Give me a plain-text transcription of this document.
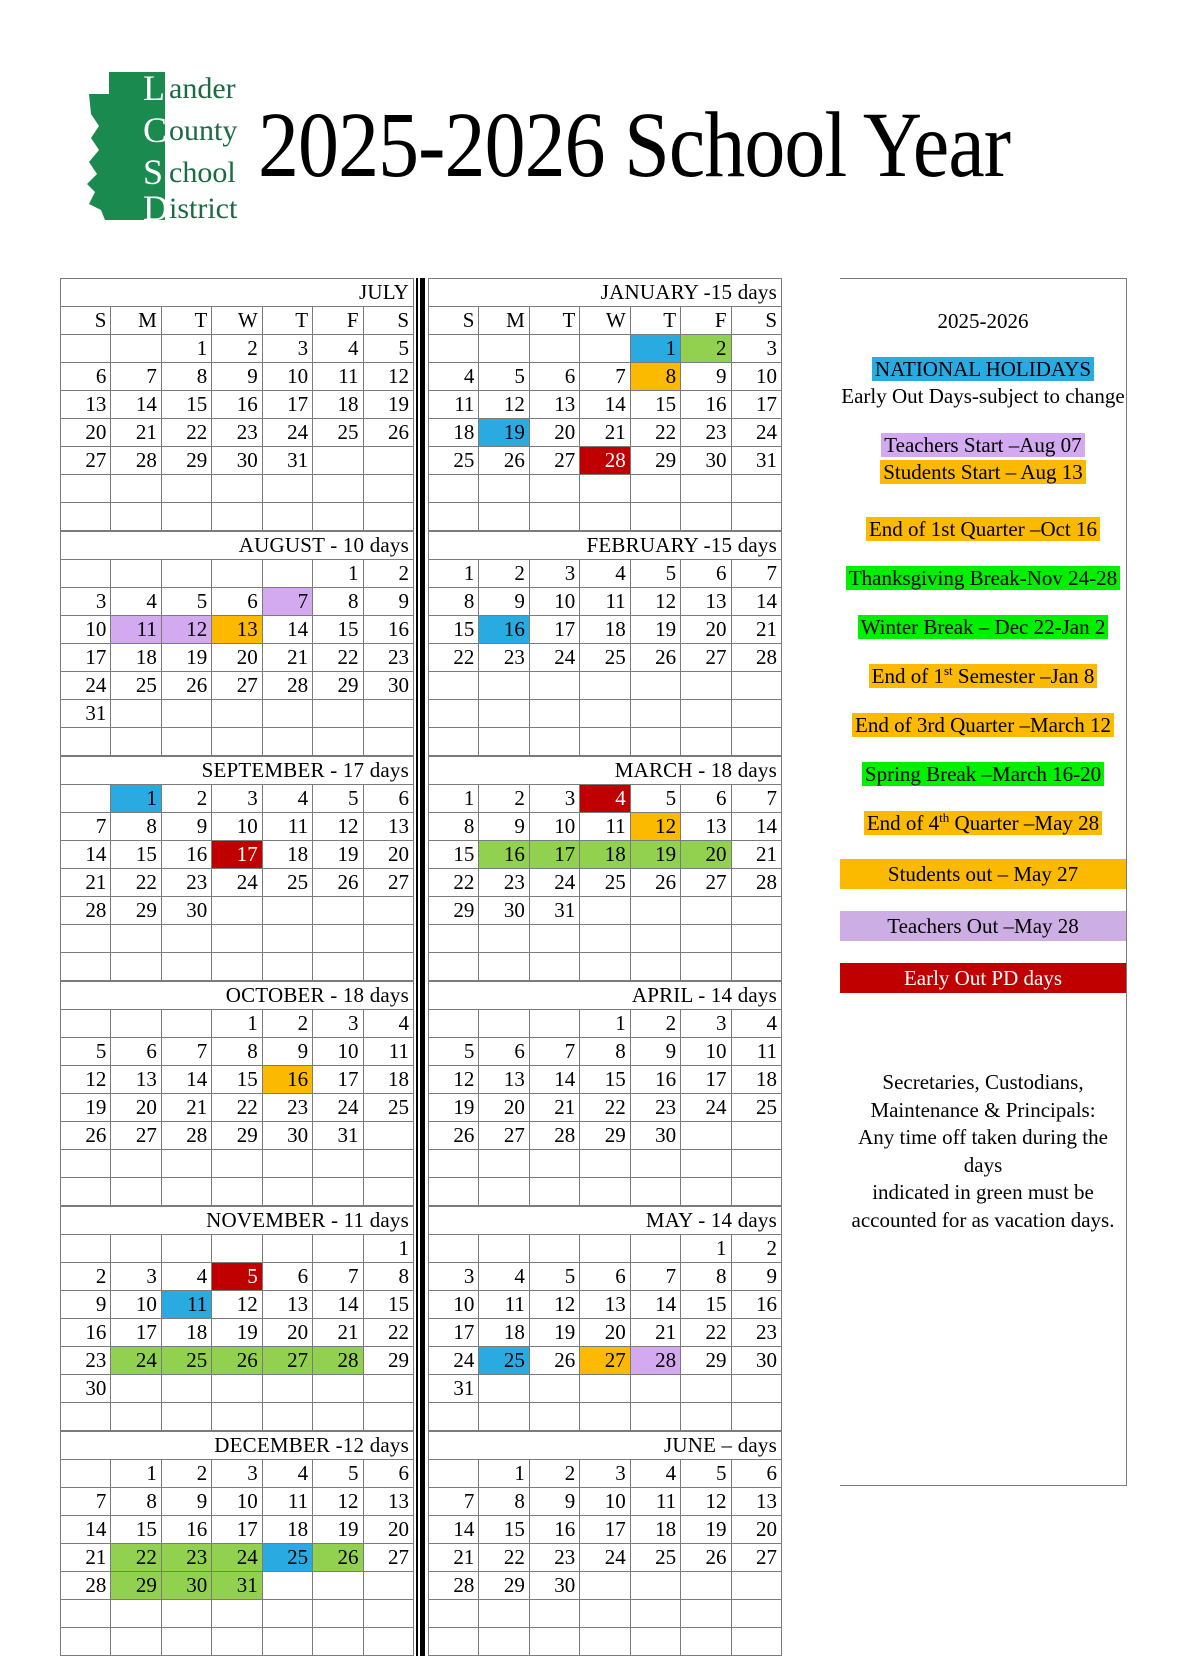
L
C
S
D
ander
ounty
chool
istrict
2025-2026 School Year
JULY						
S	M	T	W	T	F	S
		1	2	3	4	5
6	7	8	9	10	11	12
13	14	15	16	17	18	19
20	21	22	23	24	25	26
27	28	29	30	31		

AUGUST - 10 days						
					1	2
3	4	5	6	7	8	9
10	11	12	13	14	15	16
17	18	19	20	21	22	23
24	25	26	27	28	29	30
31						

SEPTEMBER - 17 days						
	1	2	3	4	5	6
7	8	9	10	11	12	13
14	15	16	17	18	19	20
21	22	23	24	25	26	27
28	29	30				

OCTOBER - 18 days						
			1	2	3	4
5	6	7	8	9	10	11
12	13	14	15	16	17	18
19	20	21	22	23	24	25
26	27	28	29	30	31	

NOVEMBER - 11 days						
						1
2	3	4	5	6	7	8
9	10	11	12	13	14	15
16	17	18	19	20	21	22
23	24	25	26	27	28	29
30						

DECEMBER -12 days						
	1	2	3	4	5	6
7	8	9	10	11	12	13
14	15	16	17	18	19	20
21	22	23	24	25	26	27
28	29	30	31			

JANUARY -15 days						
S	M	T	W	T	F	S
				1	2	3
4	5	6	7	8	9	10
11	12	13	14	15	16	17
18	19	20	21	22	23	24
25	26	27	28	29	30	31

FEBRUARY -15 days						
1	2	3	4	5	6	7
8	9	10	11	12	13	14
15	16	17	18	19	20	21
22	23	24	25	26	27	28

MARCH - 18 days						
1	2	3	4	5	6	7
8	9	10	11	12	13	14
15	16	17	18	19	20	21
22	23	24	25	26	27	28
29	30	31				

APRIL - 14 days						
			1	2	3	4
5	6	7	8	9	10	11
12	13	14	15	16	17	18
19	20	21	22	23	24	25
26	27	28	29	30		

MAY - 14 days						
					1	2
3	4	5	6	7	8	9
10	11	12	13	14	15	16
17	18	19	20	21	22	23
24	25	26	27	28	29	30
31						

JUNE – days						
	1	2	3	4	5	6
7	8	9	10	11	12	13
14	15	16	17	18	19	20
21	22	23	24	25	26	27
28	29	30				

2025-2026
NATIONAL HOLIDAYS
Early Out Days-subject to change
Teachers Start –Aug 07
Students Start – Aug 13
End of 1st Quarter –Oct 16
Thanksgiving Break-Nov 24-28
Winter Break – Dec 22-Jan 2
End of 1st Semester –Jan 8
End of 3rd Quarter –March 12
Spring Break –March 16-20
End of 4th Quarter –May 28
Students out – May 27
Teachers Out –May 28
Early Out PD days
Secretaries, Custodians,
Maintenance & Principals:
Any time off taken during the days
indicated in green must be
accounted for as vacation days.
